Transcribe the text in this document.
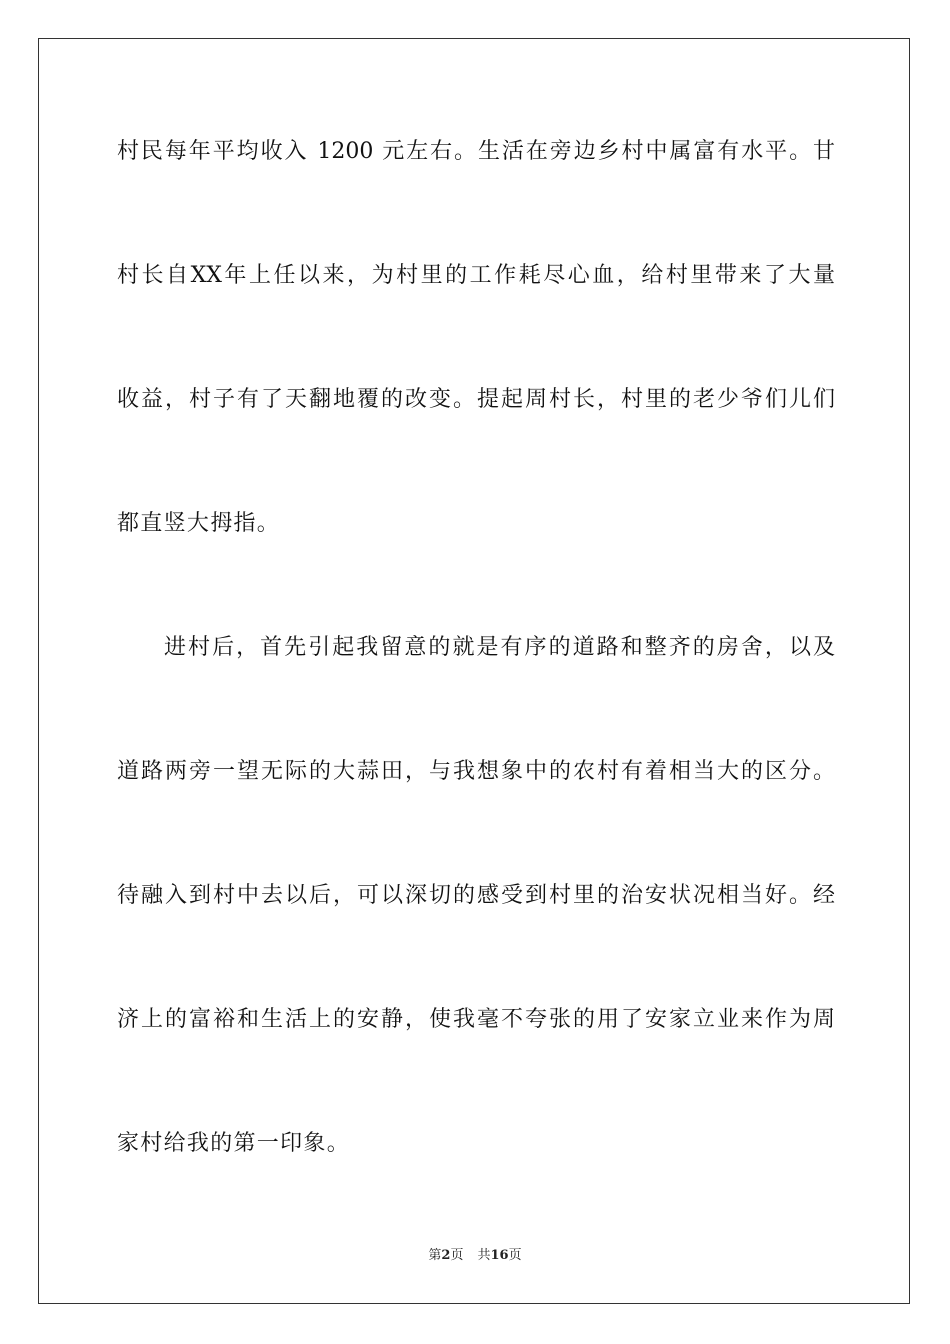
村民每年平均收入 1200 元左右。生活在旁边乡村中属富有水平。甘
村长自XX年上任以来，为村里的工作耗尽心血，给村里带来了大量
收益，村子有了天翻地覆的改变。提起周村长，村里的老少爷们儿们
都直竖大拇指。
进村后，首先引起我留意的就是有序的道路和整齐的房舍，以及
道路两旁一望无际的大蒜田，与我想象中的农村有着相当大的区分。
待融入到村中去以后，可以深切的感受到村里的治安状况相当好。经
济上的富裕和生活上的安静，使我毫不夸张的用了安家立业来作为周
家村给我的第一印象。
第2页 共16页
